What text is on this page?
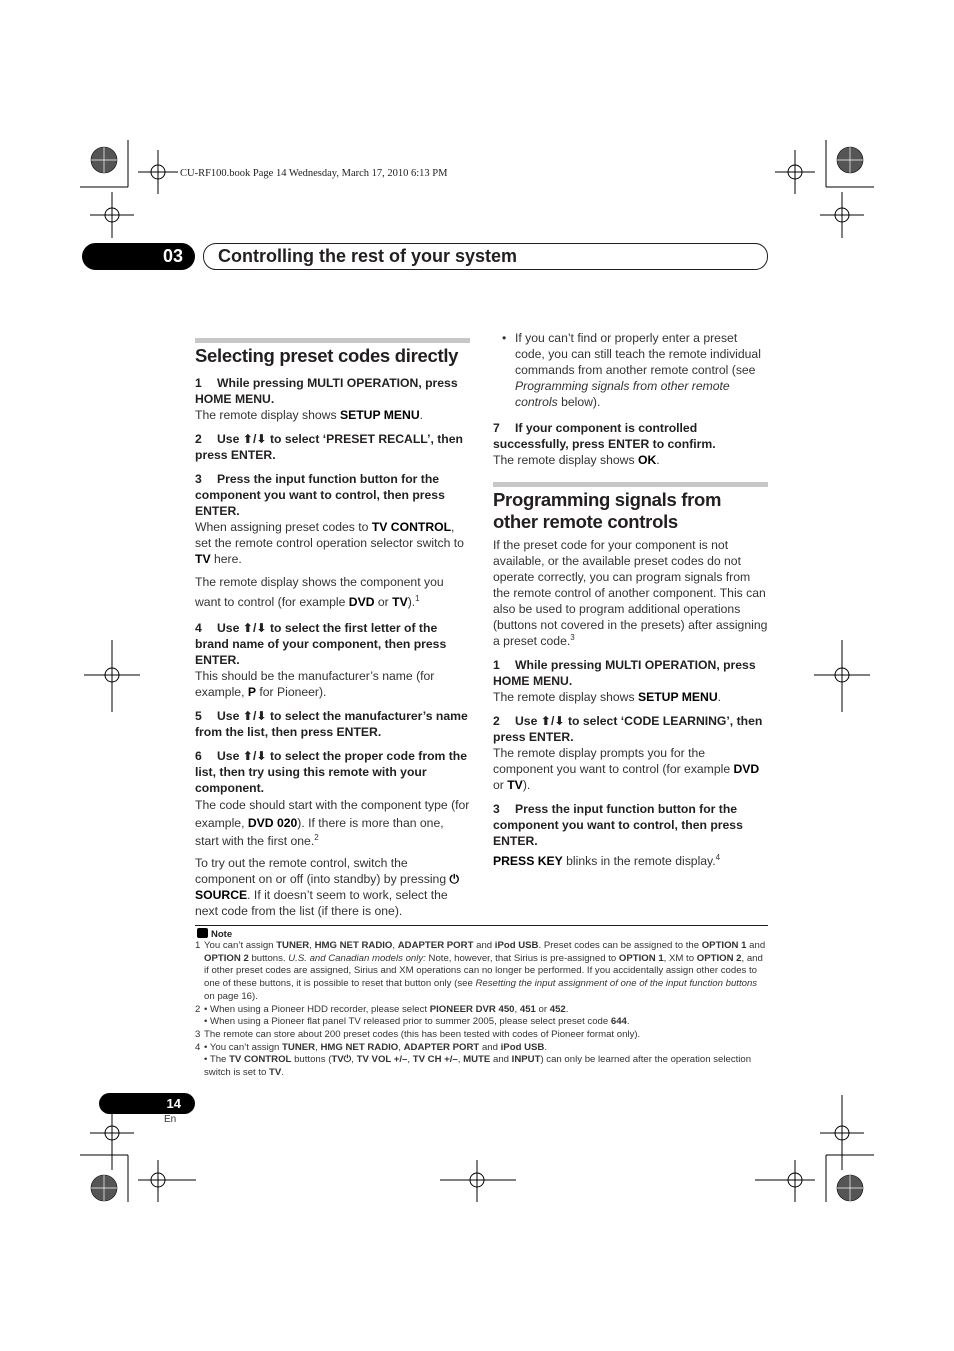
CU-RF100.book Page 14 Wednesday, March 17, 2010 6:13 PM
03 Controlling the rest of your system
Selecting preset codes directly
1 While pressing MULTI OPERATION, press HOME MENU.
The remote display shows SETUP MENU.
2 Use ⬆/⬇ to select ‘PRESET RECALL’, then press ENTER.
3 Press the input function button for the component you want to control, then press ENTER.
When assigning preset codes to TV CONTROL, set the remote control operation selector switch to TV here.
The remote display shows the component you want to control (for example DVD or TV).$^1$
4 Use ⬆/⬇ to select the first letter of the brand name of your component, then press ENTER.
This should be the manufacturer’s name (for example, P for Pioneer).
5 Use ⬆/⬇ to select the manufacturer’s name from the list, then press ENTER.
6 Use ⬆/⬇ to select the proper code from the list, then try using this remote with your component.
The code should start with the component type (for example, DVD 020). If there is more than one, start with the first one.$^2$
To try out the remote control, switch the component on or off (into standby) by pressing ⏻ SOURCE. If it doesn’t seem to work, select the next code from the list (if there is one).
• If you can’t find or properly enter a preset code, you can still teach the remote individual commands from another remote control (see Programming signals from other remote controls below).
7 If your component is controlled successfully, press ENTER to confirm.
The remote display shows OK.
Programming signals from other remote controls
If the preset code for your component is not available, or the available preset codes do not operate correctly, you can program signals from the remote control of another component. This can also be used to program additional operations (buttons not covered in the presets) after assigning a preset code.$^3$
1 While pressing MULTI OPERATION, press HOME MENU.
The remote display shows SETUP MENU.
2 Use ⬆/⬇ to select ‘CODE LEARNING’, then press ENTER.
The remote display prompts you for the component you want to control (for example DVD or TV).
3 Press the input function button for the component you want to control, then press ENTER.
PRESS KEY blinks in the remote display.$^4$
Note
1 You can’t assign TUNER, HMG NET RADIO, ADAPTER PORT and iPod USB. Preset codes can be assigned to the OPTION 1 and OPTION 2 buttons. U.S. and Canadian models only: Note, however, that Sirius is pre-assigned to OPTION 1, XM to OPTION 2, and if other preset codes are assigned, Sirius and XM operations can no longer be performed. If you accidentally assign other codes to one of these buttons, it is possible to reset that button only (see Resetting the input assignment of one of the input function buttons on page 16).
2 • When using a Pioneer HDD recorder, please select PIONEER DVR 450, 451 or 452.
• When using a Pioneer flat panel TV released prior to summer 2005, please select preset code 644.
3 The remote can store about 200 preset codes (this has been tested with codes of Pioneer format only).
4 • You can’t assign TUNER, HMG NET RADIO, ADAPTER PORT and iPod USB.
• The TV CONTROL buttons (TV⏻, TV VOL +/–, TV CH +/–, MUTE and INPUT) can only be learned after the operation selection switch is set to TV.
14
En
